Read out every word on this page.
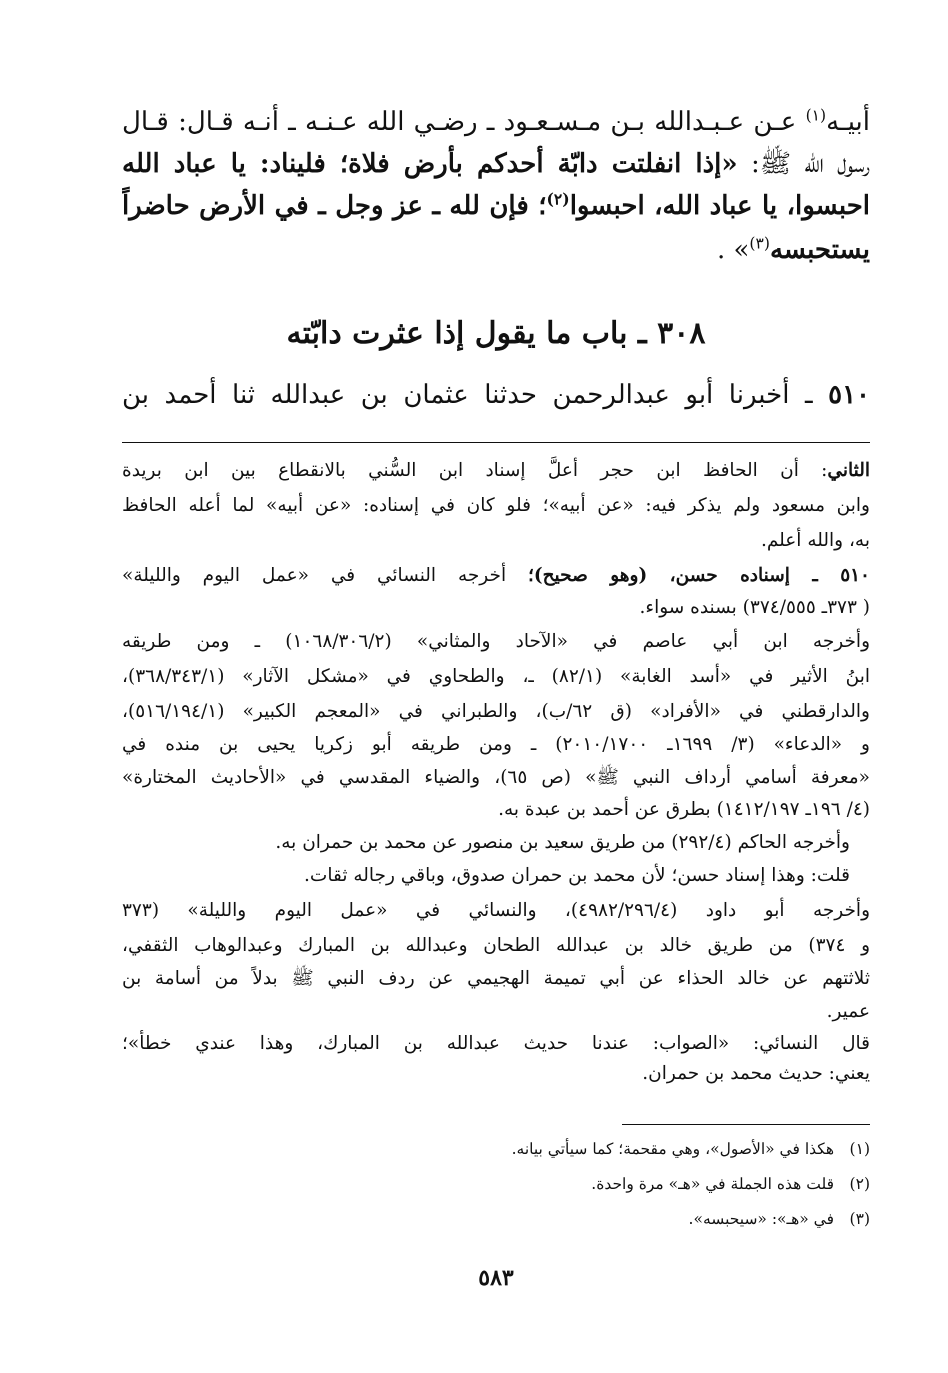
أبيـه$^{(١)}$ عـن عـبـدالله بـن مـسـعـود ـ رضـي الله عـنـه ـ أنـه قـال: قـال
رسول الله ﷺ: «إذا انفلتت دابّة أحدكم بأرض فلاة؛ فليناد: يا عباد الله
احبسوا، يا عباد الله، احبسوا$^{(٢)}$؛ فإن لله ـ عز وجل ـ في الأرض حاضراً
يستحبسه$^{(٣)}$» .
٣٠٨ ـ باب ما يقول إذا عثرت دابّته
٥١٠ ـ أخبرنا أبو عبدالرحمن حدثنا عثمان بن عبدالله ثنا أحمد بن
الثاني: أن الحافظ ابن حجر أعلَّ إسناد ابن السُّني بالانقطاع بين ابن بريدة
وابن مسعود ولم يذكر فيه: «عن أبيه»؛ فلو كان في إسناده: «عن أبيه» لما أعله الحافظ
به، والله أعلم.
٥١٠ ـ إسناده حسن، (وهو صحيح)؛ أخرجه النسائي في «عمل اليوم والليلة»
( ٣٧٣ـ ٣٧٤/٥٥٥) بسنده سواء.
وأخرجه ابن أبي عاصم في «الآحاد والمثاني» (١٠٦٨/٣٠٦/٢) ـ ومن طريقه
ابنُ الأثير في «أسد الغابة» (٨٢/١) ـ، والطحاوي في «مشكل الآثار» (٣٦٨/٣٤٣/١)،
والدارقطني في «الأفراد» (ق ٦٢/ب)، والطبراني في «المعجم الكبير» (٥١٦/١٩٤/١)،
و «الدعاء» (٣/ ١٦٩٩ـ ٢٠١٠/١٧٠٠) ـ ومن طريقه أبو زكريا يحيى بن منده في
«معرفة أسامي أرداف النبي ﷺ» (ص ٦٥)، والضياء المقدسي في «الأحاديث المختارة»
(٤/ ١٩٦ـ ١٤١٢/١٩٧) بطرق عن أحمد بن عبدة به.
وأخرجه الحاكم (٢٩٢/٤) من طريق سعيد بن منصور عن محمد بن حمران به.
قلت: وهذا إسناد حسن؛ لأن محمد بن حمران صدوق، وباقي رجاله ثقات.
وأخرجه أبو داود (٤٩٨٢/٢٩٦/٤)، والنسائي في «عمل اليوم والليلة» (٣٧٣
و ٣٧٤) من طريق خالد بن عبدالله الطحان وعبدالله بن المبارك وعبدالوهاب الثقفي،
ثلاثتهم عن خالد الحذاء عن أبي تميمة الهجيمي عن ردف النبي ﷺ بدلاً من أسامة بن
عمير.
قال النسائي: «الصواب: عندنا حديث عبدالله بن المبارك، وهذا عندي خطأ»؛
يعني: حديث محمد بن حمران.
(١)هكذا في «الأصول»، وهي مقحمة؛ كما سيأتي بيانه.
(٢)قلت هذه الجملة في «هـ» مرة واحدة.
(٣)في «هـ»: «سيحبسه».
٥٨٣
